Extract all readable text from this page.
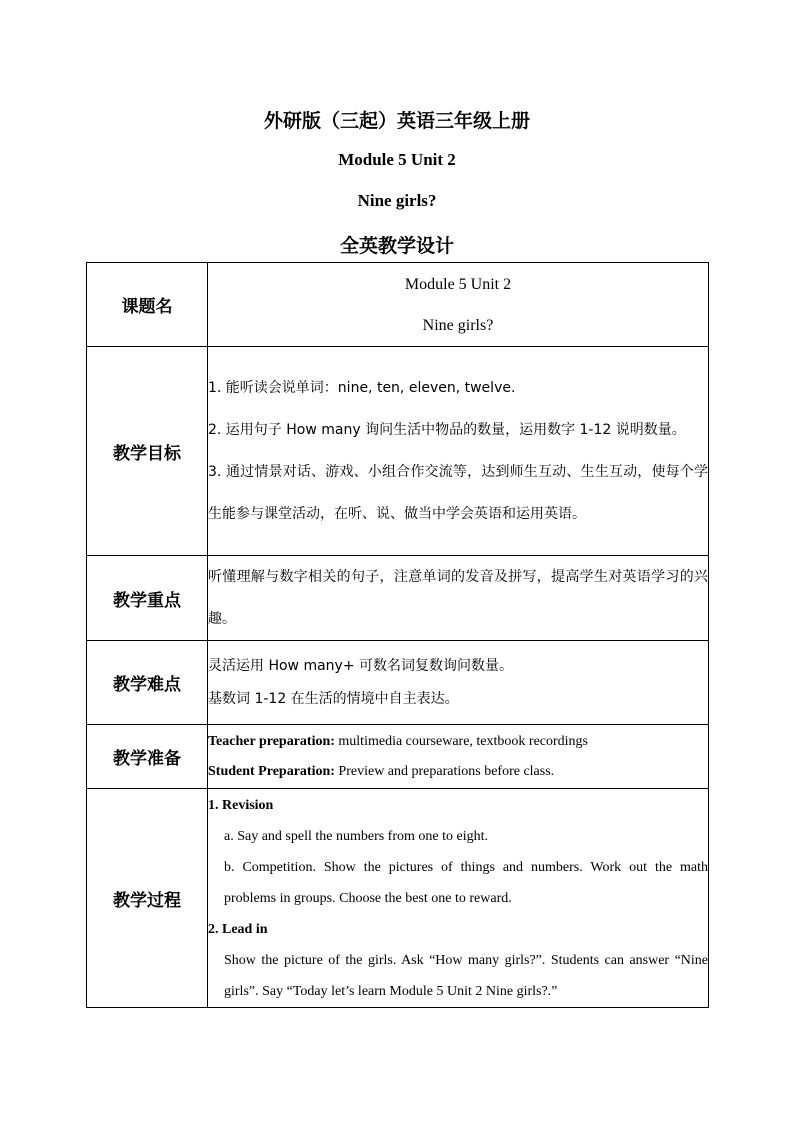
外研版（三起）英语三年级上册
Module 5 Unit 2
Nine girls?
全英教学设计
课题名	Module 5 Unit 2
Nine girls?

教学目标	1. 能听读会说单词：nine, ten, eleven, twelve.
2. 运用句子 How many 询问生活中物品的数量，运用数字 1-12 说明数量。
3. 通过情景对话、游戏、小组合作交流等，达到师生互动、生生互动，使每个学生能参与课堂活动，在听、说、做当中学会英语和运用英语。

教学重点	听懂理解与数字相关的句子，注意单词的发音及拼写，提高学生对英语学习的兴趣。

教学难点	灵活运用 How many+ 可数名词复数询问数量。
基数词 1-12 在生活的情境中自主表达。

教学准备	Teacher preparation: multimedia courseware, textbook recordings
Student Preparation: Preview and preparations before class.

教学过程	1. Revision
a. Say and spell the numbers from one to eight.
b. Competition. Show the pictures of things and numbers. Work out the math problems in groups. Choose the best one to reward.
2. Lead in
Show the picture of the girls. Ask “How many girls?”. Students can answer “Nine girls”. Say “Today let’s learn Module 5 Unit 2 Nine girls?.”
